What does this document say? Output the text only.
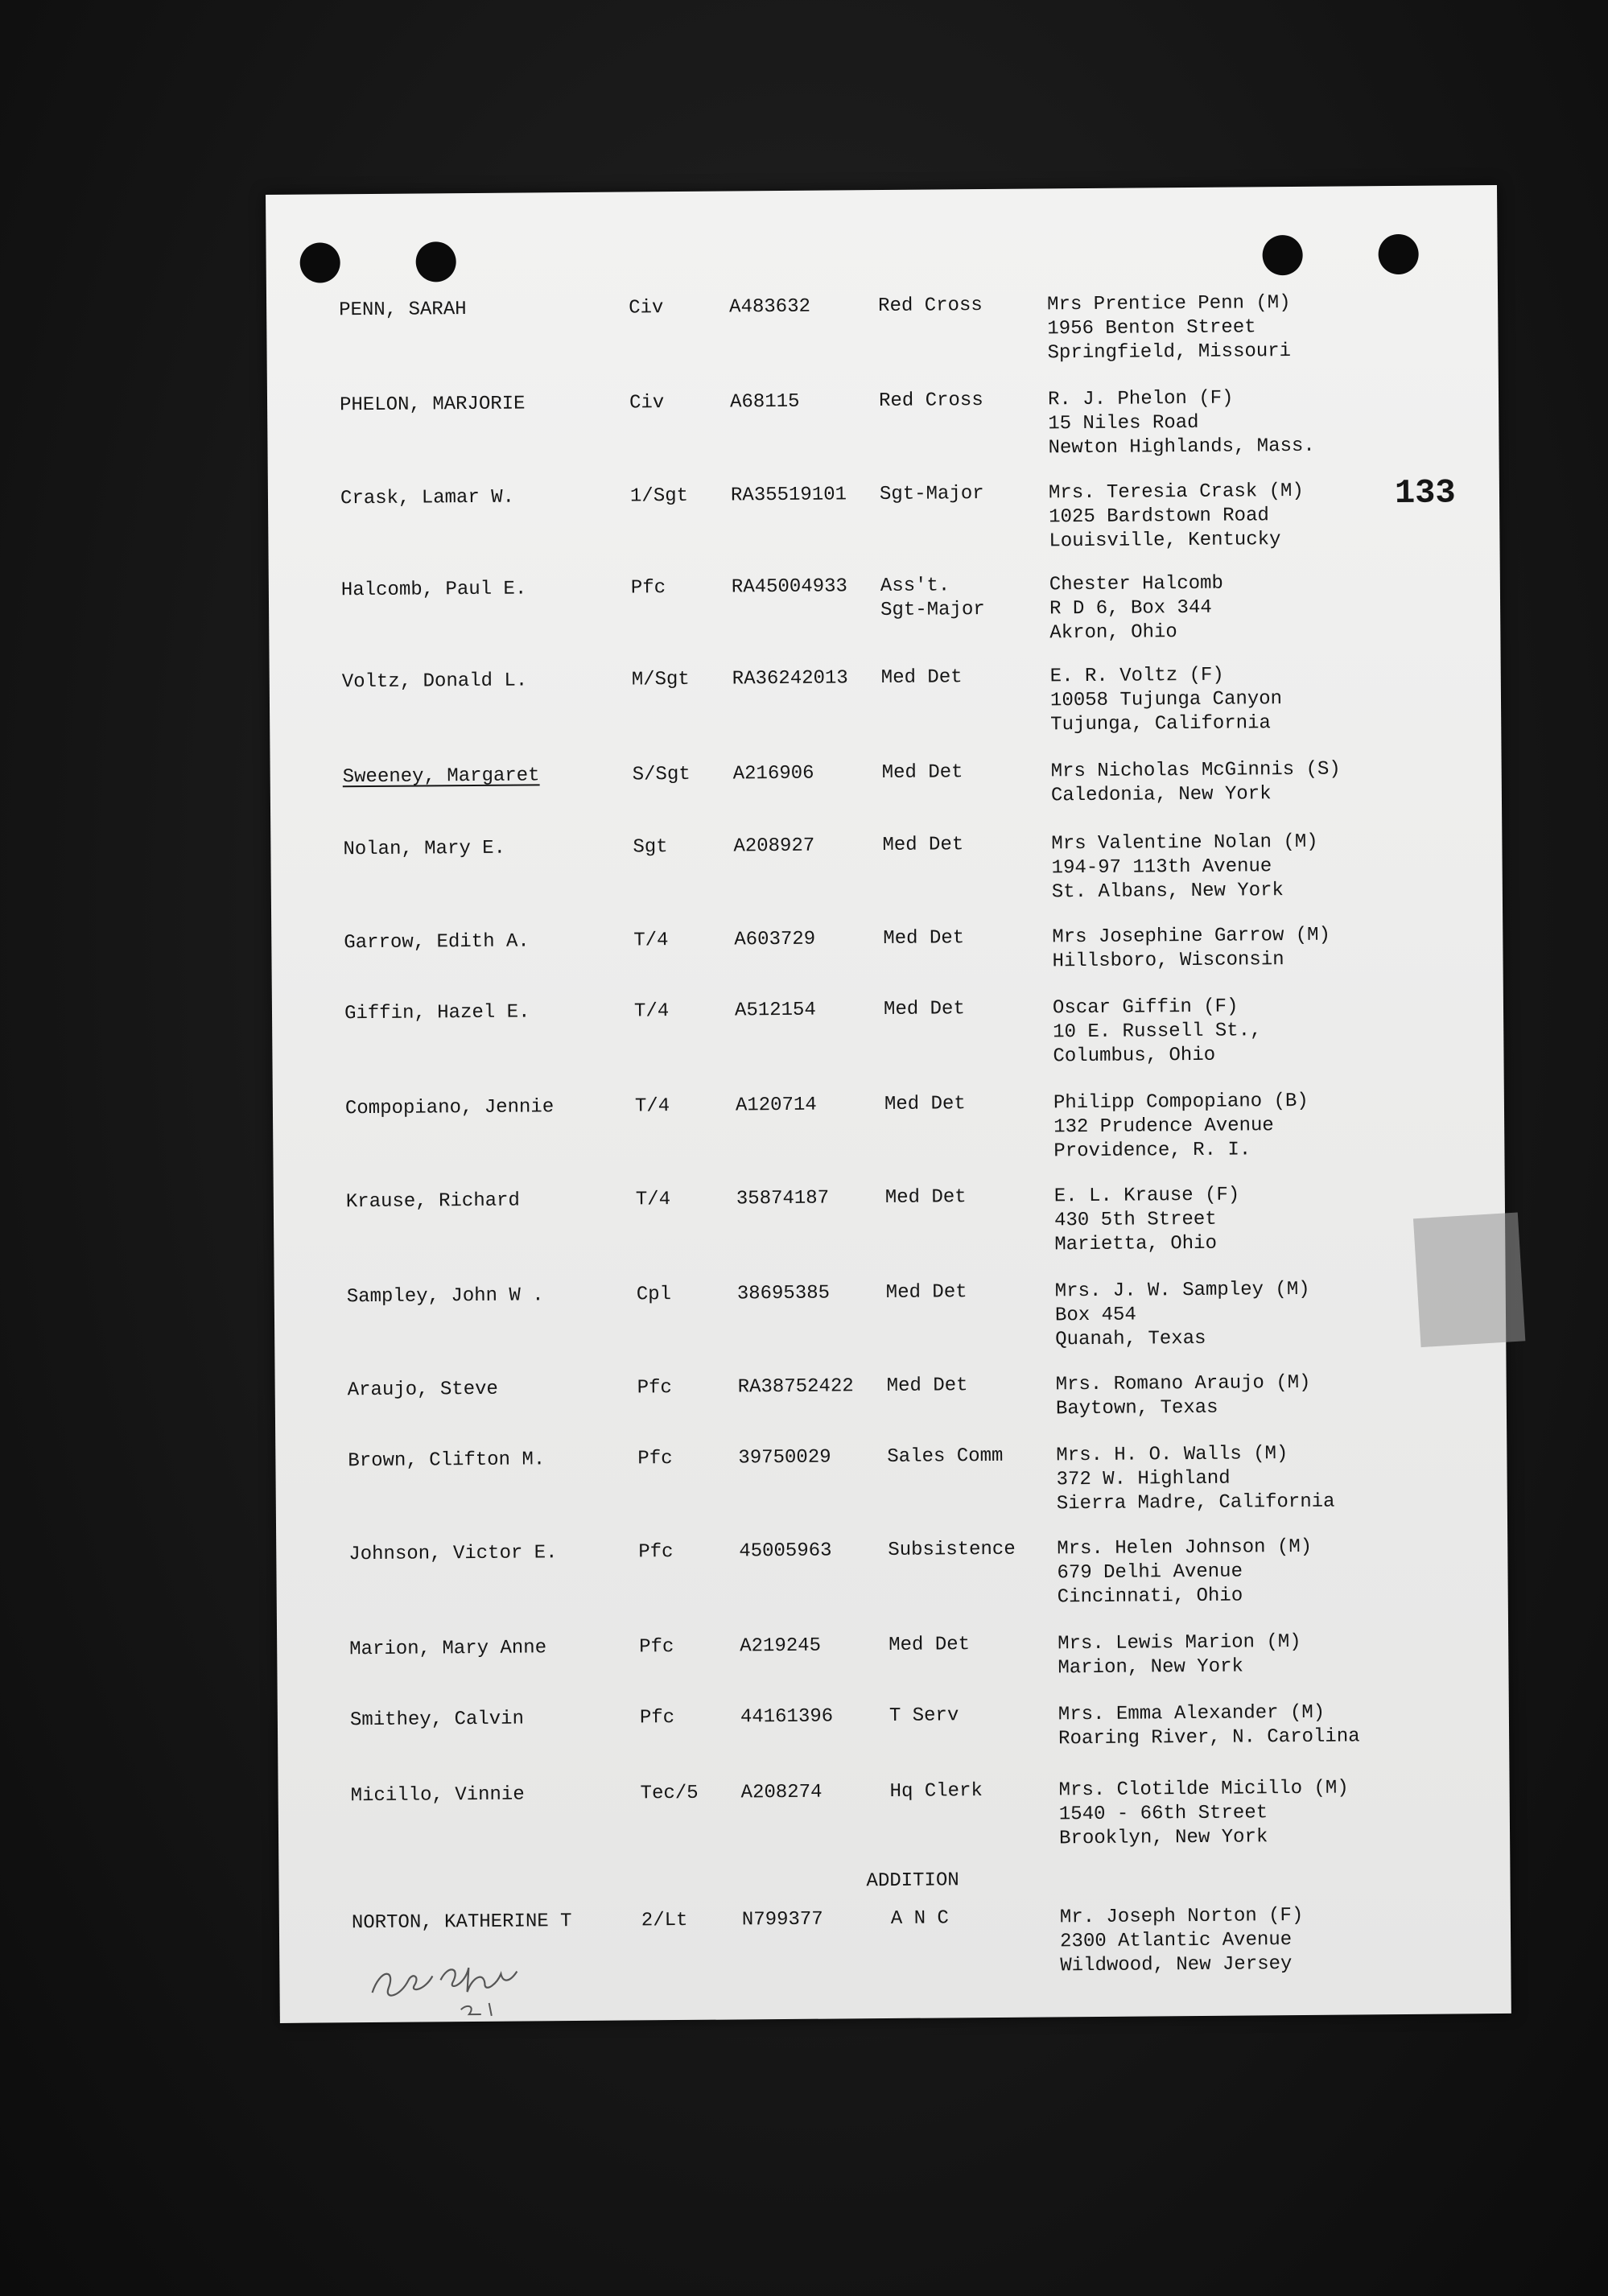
133
PENN, SARAH	Civ	A483632	Red Cross	Mrs Prentice Penn (M)
1956 Benton Street
Springfield, Missouri
PHELON, MARJORIE	Civ	A68115	Red Cross	R. J. Phelon (F)
15 Niles Road
Newton Highlands, Mass.
Crask, Lamar W.	1/Sgt RA35519101 Sgt-Major	Mrs. Teresia Crask (M)
1025 Bardstown Road
Louisville, Kentucky
Halcomb, Paul E.	Pfc	RA45004933 Ass't.
Sgt-Major
Chester Halcomb
R D 6, Box 344
Akron, Ohio
Voltz, Donald L.	M/Sgt RA36242013 Med Det	E. R. Voltz (F)
10058 Tujunga Canyon
Tujunga, California
Sweeney, Margaret	S/Sgt A216906	Med Det	Mrs Nicholas McGinnis (S)
Caledonia, New York
Nolan, Mary E.	Sgt	A208927	Med Det	Mrs Valentine Nolan (M)
194-97 113th Avenue
St. Albans, New York
Garrow, Edith A.	T/4	A603729	Med Det	Mrs Josephine Garrow (M)
Hillsboro, Wisconsin
Giffin, Hazel E.	T/4	A512154	Med Det	Oscar Giffin (F)
10 E. Russell St.,
Columbus, Ohio
Compopiano, Jennie	T/4	A120714	Med Det	Philipp Compopiano (B)
132 Prudence Avenue
Providence, R. I.
Krause, Richard	T/4	35874187	Med Det	E. L. Krause (F)
430 5th Street
Marietta, Ohio
Sampley, John W .	Cpl	38695385	Med Det	Mrs. J. W. Sampley (M)
Box 454
Quanah, Texas
Araujo, Steve	Pfc	RA38752422 Med Det	Mrs. Romano Araujo (M)
Baytown, Texas
Brown, Clifton M.	Pfc	39750029	Sales Comm	Mrs. H. O. Walls (M)
372 W. Highland
Sierra Madre, California
Johnson, Victor E.	Pfc	45005963	Subsistence Mrs. Helen Johnson (M)
679 Delhi Avenue
Cincinnati, Ohio
Marion, Mary Anne	Pfc	A219245	Med Det	Mrs. Lewis Marion (M)
Marion, New York
Smithey, Calvin	Pfc	44161396	T Serv	Mrs. Emma Alexander (M)
Roaring River, N. Carolina
Micillo, Vinnie	Tec/5 A208274	Hq Clerk	Mrs. Clotilde Micillo (M)
1540 - 66th Street
Brooklyn, New York
NORTON, KATHERINE T	2/Lt	N799377	A N C	Mr. Joseph Norton (F)
2300 Atlantic Avenue
Wildwood, New Jersey
ADDITION
